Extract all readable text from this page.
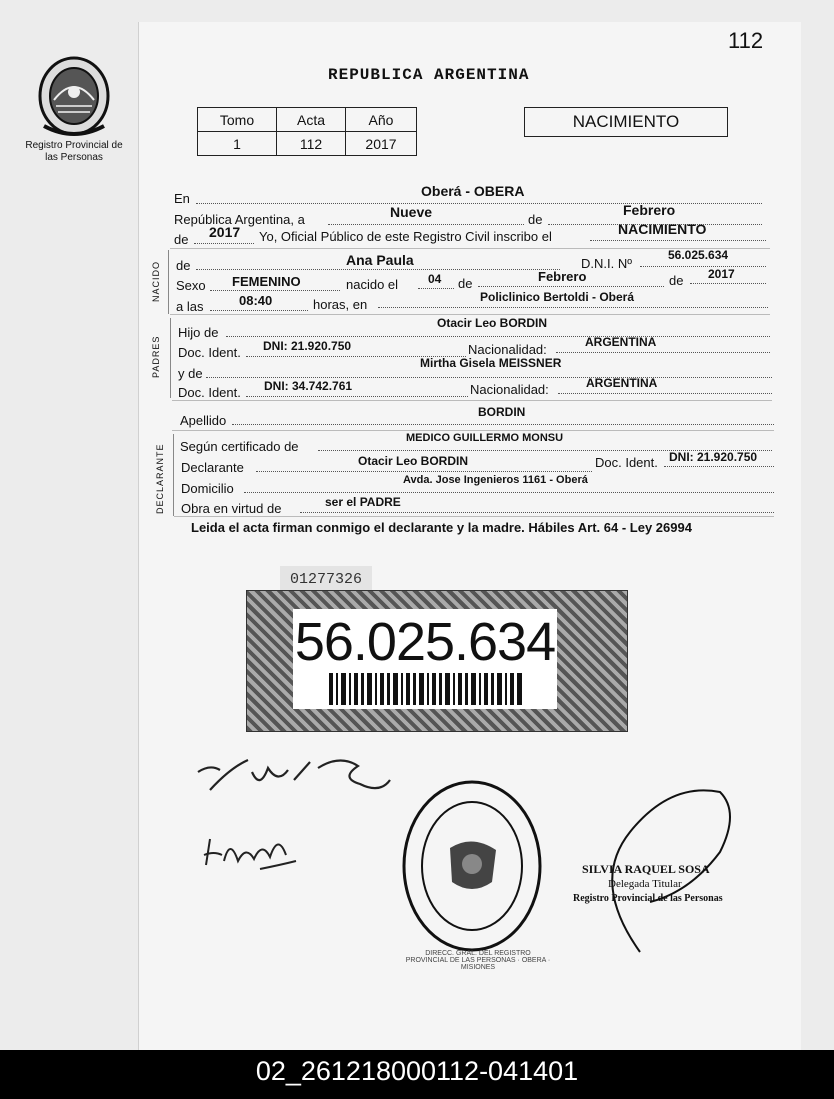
112
Registro Provincial de las Personas
REPUBLICA ARGENTINA
Tomo	Acta	Año
1	112	2017
NACIMIENTO
En	Oberá - OBERA
República Argentina, a	Nueve	de
Febrero
de 2017 Yo, Oficial Público de este Registro Civil inscribo el	NACIMIENTO
NACIDO de	Ana Paula	D.N.I. Nº
56.025.634
Sexo FEMENINO	nacido el 04 de	Febrero	de 2017
a las	08:40	horas, en	Policlinico Bertoldi - Oberá
PADRES
Hijo de
Otacir Leo BORDIN
Doc. Ident. DNI: 21.920.750	Nacionalidad:	ARGENTINA
y de
Mirtha Gisela MEISSNER
Doc. Ident. DNI: 34.742.761	Nacionalidad:	ARGENTINA
Apellido
BORDIN
DECLARANTE Según certificado de
MEDICO GUILLERMO MONSU
Declarante	Otacir Leo BORDIN	Doc. Ident. DNI: 21.920.750
Domicilio
Avda. Jose Ingenieros 1161 - Oberá
Obra en virtud de	ser el PADRE
Leida el acta firman conmigo el declarante y la madre. Hábiles Art. 64 - Ley 26994
01277326
56.025.634
DIRECC. GRAL. DEL REGISTRO PROVINCIAL DE LAS PERSONAS · OBERA · MISIONES
SILVIA RAQUEL SOSA
Delegada Titular
Registro Provincial de las Personas
02_261218000112-041401
